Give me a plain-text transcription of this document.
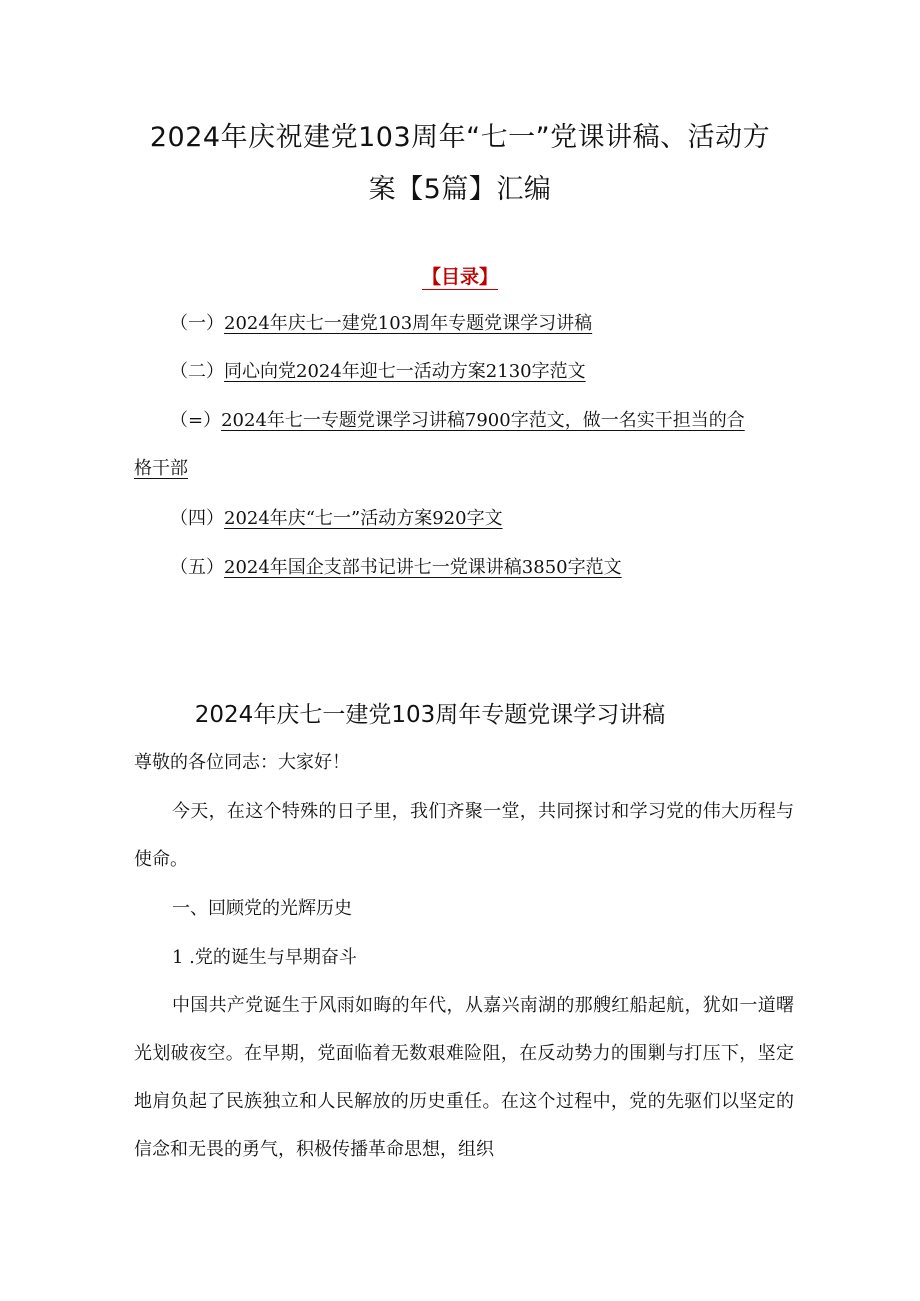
2024年庆祝建党103周年“七一”党课讲稿、活动方
案【5篇】汇编
【目录】
（一）2024年庆七一建党103周年专题党课学习讲稿
（二）同心向党2024年迎七一活动方案2130字范文
（=）2024年七一专题党课学习讲稿7900字范文，做一名实干担当的合
格干部
（四）2024年庆“七一”活动方案920字文
（五）2024年国企支部书记讲七一党课讲稿3850字范文
2024年庆七一建党103周年专题党课学习讲稿

尊敬的各位同志：大家好！

今天，在这个特殊的日子里，我们齐聚一堂，共同探讨和学习党的伟大历程与使命。

一、回顾党的光辉历史

1 .党的诞生与早期奋斗

中国共产党诞生于风雨如晦的年代，从嘉兴南湖的那艘红船起航，犹如一道曙光划破夜空。在早期，党面临着无数艰难险阻，在反动势力的围剿与打压下，坚定地肩负起了民族独立和人民解放的历史重任。在这个过程中，党的先驱们以坚定的信念和无畏的勇气，积极传播革命思想，组织
